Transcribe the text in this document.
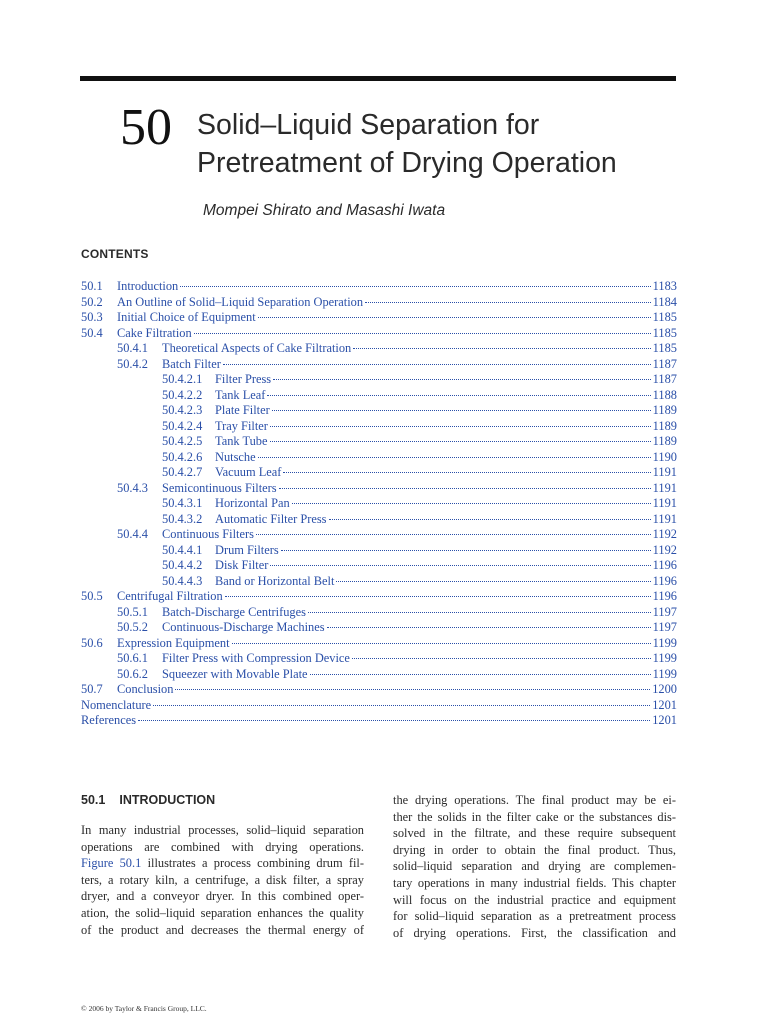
50 Solid–Liquid Separation for
Pretreatment of Drying Operation
Mompei Shirato and Masashi Iwata
CONTENTS
50.1	Introduction	1183
50.2	An Outline of Solid–Liquid Separation Operation	1184
50.3	Initial Choice of Equipment	1185
50.4	Cake Filtration	1185
50.4.1	Theoretical Aspects of Cake Filtration	1185
50.4.2	Batch Filter	1187
50.4.2.1	Filter Press	1187
50.4.2.2	Tank Leaf	1188
50.4.2.3	Plate Filter	1189
50.4.2.4	Tray Filter	1189
50.4.2.5	Tank Tube	1189
50.4.2.6	Nutsche	1190
50.4.2.7	Vacuum Leaf	1191
50.4.3	Semicontinuous Filters	1191
50.4.3.1	Horizontal Pan	1191
50.4.3.2	Automatic Filter Press	1191
50.4.4	Continuous Filters	1192
50.4.4.1	Drum Filters	1192
50.4.4.2	Disk Filter	1196
50.4.4.3	Band or Horizontal Belt	1196
50.5	Centrifugal Filtration	1196
50.5.1	Batch-Discharge Centrifuges	1197
50.5.2	Continuous-Discharge Machines	1197
50.6	Expression Equipment	1199
50.6.1	Filter Press with Compression Device	1199
50.6.2	Squeezer with Movable Plate	1199
50.7	Conclusion	1200
Nomenclature	1201
References	1201
50.1 INTRODUCTION
In many industrial processes, solid–liquid separation
operations are combined with drying operations.
Figure 50.1 illustrates a process combining drum fil-
ters, a rotary kiln, a centrifuge, a disk filter, a spray
dryer, and a conveyor dryer. In this combined oper-
ation, the solid–liquid separation enhances the quality
of the product and decreases the thermal energy of
the drying operations. The final product may be ei-
ther the solids in the filter cake or the substances dis-
solved in the filtrate, and these require subsequent
drying in order to obtain the final product. Thus,
solid–liquid separation and drying are complemen-
tary operations in many industrial fields. This chapter
will focus on the industrial practice and equipment
for solid–liquid separation as a pretreatment process
of drying operations. First, the classification and
© 2006 by Taylor & Francis Group, LLC.
